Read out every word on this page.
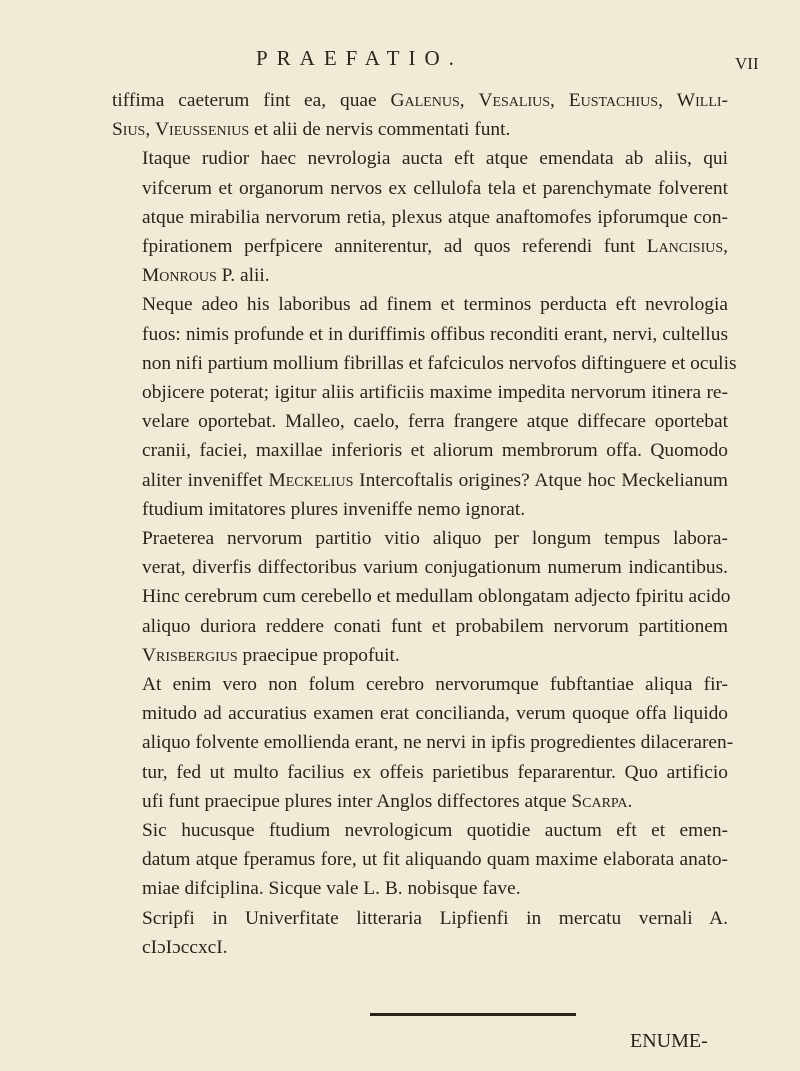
PRAEFATIO.	VII

tiffima caeterum fint ea, quae Galenus, Vesalius, Eustachius, Willi-
Sius, Vieussenius et alii de nervis commentati funt.

Itaque rudior haec nevrologia aucta eft atque emendata ab aliis, qui
vifcerum et organorum nervos ex cellulofa tela et parenchymate folverent
atque mirabilia nervorum retia, plexus atque anaftomofes ipforumque con-
fpirationem perfpicere anniterentur, ad quos referendi funt Lancisius,
Monrous P. alii.

Neque adeo his laboribus ad finem et terminos perducta eft nevrologia
fuos: nimis profunde et in duriffimis offibus reconditi erant, nervi, cultellus
non nifi partium mollium fibrillas et fafciculos nervofos diftinguere et oculis
objicere poterat; igitur aliis artificiis maxime impedita nervorum itinera re-
velare oportebat. Malleo, caelo, ferra frangere atque diffecare oportebat
cranii, faciei, maxillae inferioris et aliorum membrorum offa. Quomodo
aliter inveniffet Meckelius Intercoftalis origines? Atque hoc Meckelianum
ftudium imitatores plures inveniffe nemo ignorat.

Praeterea nervorum partitio vitio aliquo per longum tempus labora-
verat, diverfis diffectoribus varium conjugationum numerum indicantibus.
Hinc cerebrum cum cerebello et medullam oblongatam adjecto fpiritu acido
aliquo duriora reddere conati funt et probabilem nervorum partitionem
Vrisbergius praecipue propofuit.

At enim vero non folum cerebro nervorumque fubftantiae aliqua fir-
mitudo ad accuratius examen erat concilianda, verum quoque offa liquido
aliquo folvente emollienda erant, ne nervi in ipfis progredientes dilacerаren-
tur, fed ut multo facilius ex offeis parietibus fepararentur. Quo artificio
ufi funt praecipue plures inter Anglos diffectores atque Scarpa.

Sic hucusque ftudium nevrologicum quotidie auctum eft et emen-
datum atque fperamus fore, ut fit aliquando quam maxime elaborata anato-
miae difciplina. Sicque vale L. B. nobisque fave.

Scripfi in Univerfitate litteraria Lipfienfi in mercatu vernali A.
cIɔIɔccxcI.

ENUME-
